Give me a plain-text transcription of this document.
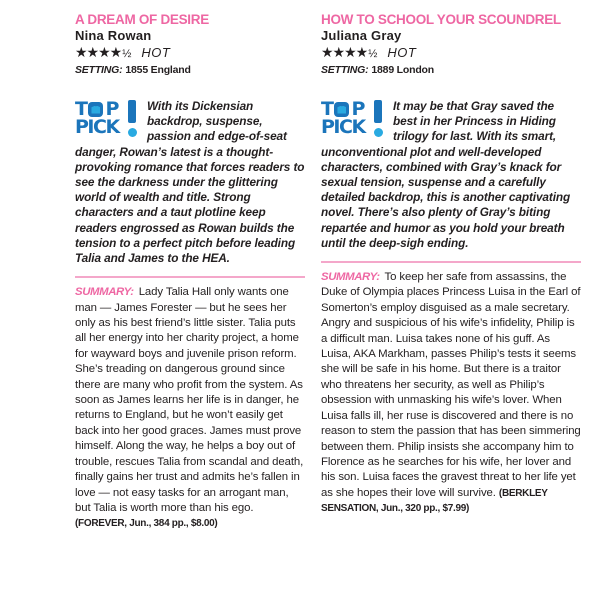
A DREAM OF DESIRE
Nina Rowan
★★★★ ½ HOT
SETTING: 1855 England
T P
PICK
With its Dickensian backdrop, suspense, passion and edge-of-seat danger, Rowan’s latest is a thought-provoking romance that forces readers to see the darkness under the glittering world of wealth and title. Strong characters and a taut plotline keep readers engrossed as Rowan builds the tension to a perfect pitch before leading Talia and James to the HEA.
SUMMARY: Lady Talia Hall only wants one man — James Forester — but he sees her only as his best friend’s little sister. Talia puts all her energy into her charity project, a home for wayward boys and juvenile prison reform. She’s treading on dangerous ground since there are many who profit from the system. As soon as James learns her life is in danger, he returns to England, but he won’t easily get back into her good graces. James must prove himself. Along the way, he helps a boy out of trouble, rescues Talia from scandal and death, finally gains her trust and admits he’s fallen in love — not easy tasks for an arrogant man, but Talia is worth more than his ego. (FOREVER, Jun., 384 pp., $8.00)
HOW TO SCHOOL YOUR SCOUNDREL
Juliana Gray
★★★★ ½ HOT
SETTING: 1889 London
T P
PICK
It may be that Gray saved the best in her Princess in Hiding trilogy for last. With its smart, unconventional plot and well-developed characters, combined with Gray’s knack for sexual tension, suspense and a carefully detailed backdrop, this is another captivating novel. There’s also plenty of Gray’s biting repartée and humor as you hold your breath until the deep-sigh ending.
SUMMARY: To keep her safe from assassins, the Duke of Olympia places Princess Luisa in the Earl of Somerton’s employ disguised as a male secretary. Angry and suspicious of his wife’s infidelity, Philip is a difficult man. Luisa takes none of his guff. As Luisa, AKA Markham, passes Philip’s tests it seems she will be safe in his home. But there is a traitor who threatens her security, as well as Philip’s obsession with unmasking his wife’s lover. When Luisa falls ill, her ruse is discovered and there is no reason to stem the passion that has been simmering between them. Philip insists she accompany him to Florence as he searches for his wife, her lover and his son. Luisa faces the gravest threat to her life yet as she hopes their love will survive. (BERKLEY SENSATION, Jun., 320 pp., $7.99)
